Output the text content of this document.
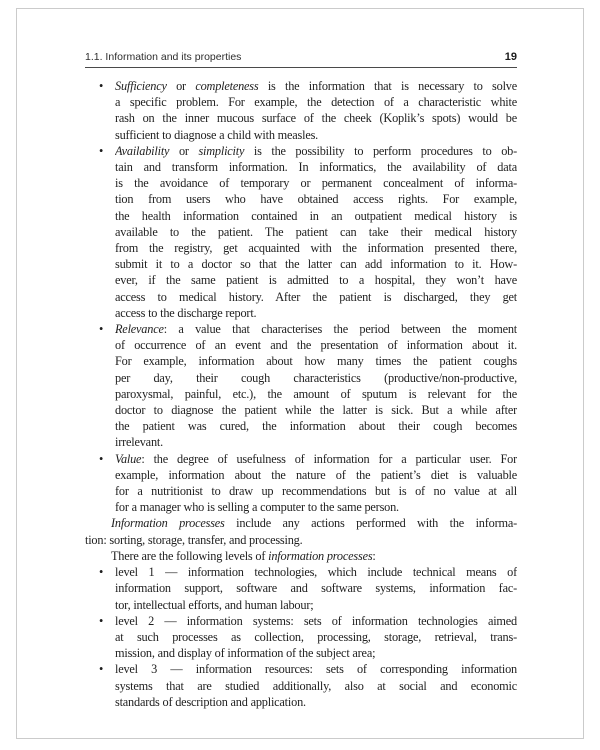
1.1. Information and its properties	19
• Sufficiency or completeness is the information that is necessary to solve
a specific problem. For example, the detection of a characteristic white
rash on the inner mucous surface of the cheek (Koplik’s spots) would be
sufficient to diagnose a child with measles.
• Availability or simplicity is the possibility to perform procedures to ob-
tain and transform information. In informatics, the availability of data
is the avoidance of temporary or permanent concealment of informa-
tion from users who have obtained access rights. For example,
the health information contained in an outpatient medical history is
available to the patient. The patient can take their medical history
from the registry, get acquainted with the information presented there,
submit it to a doctor so that the latter can add information to it. How-
ever, if the same patient is admitted to a hospital, they won’t have
access to medical history. After the patient is discharged, they get
access to the discharge report.
• Relevance: a value that characterises the period between the moment
of occurrence of an event and the presentation of information about it.
For example, information about how many times the patient coughs
per day, their cough characteristics (productive/non-productive,
paroxysmal, painful, etc.), the amount of sputum is relevant for the
doctor to diagnose the patient while the latter is sick. But a while after
the patient was cured, the information about their cough becomes
irrelevant.
• Value: the degree of usefulness of information for a particular user. For
example, information about the nature of the patient’s diet is valuable
for a nutritionist to draw up recommendations but is of no value at all
for a manager who is selling a computer to the same person.
Information processes include any actions performed with the informa-
tion: sorting, storage, transfer, and processing.
There are the following levels of information processes:
• level 1 — information technologies, which include technical means of
information support, software and software systems, information fac-
tor, intellectual efforts, and human labour;
• level 2 — information systems: sets of information technologies aimed
at such processes as collection, processing, storage, retrieval, trans-
mission, and display of information of the subject area;
• level 3 — information resources: sets of corresponding information
systems that are studied additionally, also at social and economic
standards of description and application.
